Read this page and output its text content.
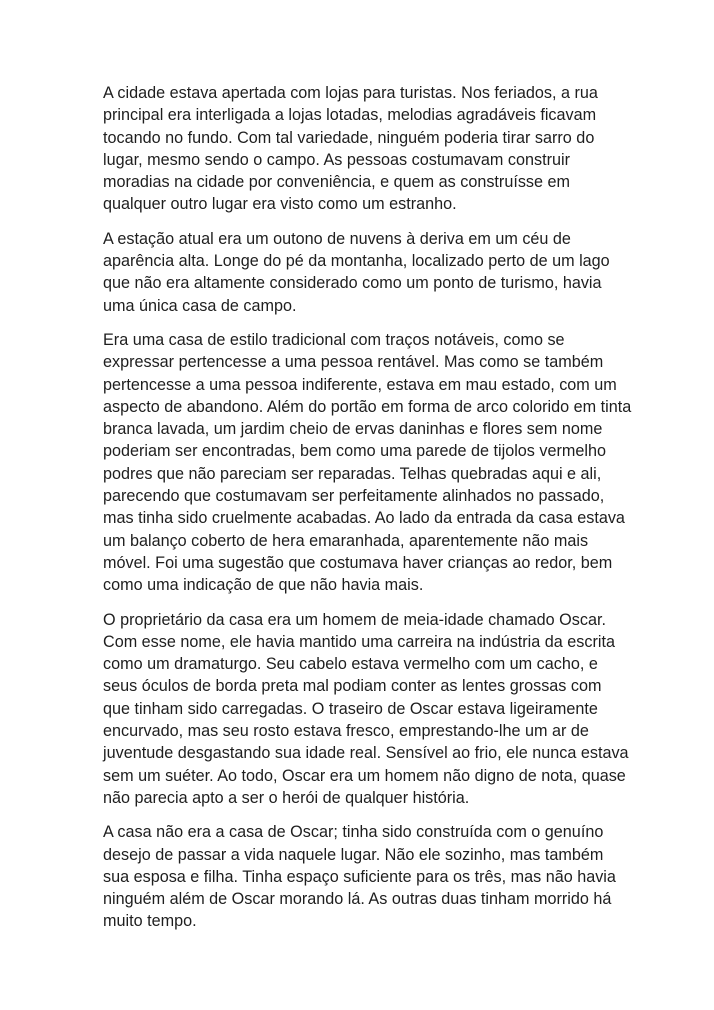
A cidade estava apertada com lojas para turistas. Nos feriados, a rua
principal era interligada a lojas lotadas, melodias agradáveis ficavam
tocando no fundo. Com tal variedade, ninguém poderia tirar sarro do
lugar, mesmo sendo o campo. As pessoas costumavam construir
moradias na cidade por conveniência, e quem as construísse em
qualquer outro lugar era visto como um estranho.

A estação atual era um outono de nuvens à deriva em um céu de
aparência alta. Longe do pé da montanha, localizado perto de um lago
que não era altamente considerado como um ponto de turismo, havia
uma única casa de campo.

Era uma casa de estilo tradicional com traços notáveis, como se
expressar pertencesse a uma pessoa rentável. Mas como se também
pertencesse a uma pessoa indiferente, estava em mau estado, com um
aspecto de abandono. Além do portão em forma de arco colorido em tinta
branca lavada, um jardim cheio de ervas daninhas e flores sem nome
poderiam ser encontradas, bem como uma parede de tijolos vermelho
podres que não pareciam ser reparadas. Telhas quebradas aqui e ali,
parecendo que costumavam ser perfeitamente alinhados no passado,
mas tinha sido cruelmente acabadas. Ao lado da entrada da casa estava
um balanço coberto de hera emaranhada, aparentemente não mais
móvel. Foi uma sugestão que costumava haver crianças ao redor, bem
como uma indicação de que não havia mais.

O proprietário da casa era um homem de meia-idade chamado Oscar.
Com esse nome, ele havia mantido uma carreira na indústria da escrita
como um dramaturgo. Seu cabelo estava vermelho com um cacho, e
seus óculos de borda preta mal podiam conter as lentes grossas com
que tinham sido carregadas. O traseiro de Oscar estava ligeiramente
encurvado, mas seu rosto estava fresco, emprestando-lhe um ar de
juventude desgastando sua idade real. Sensível ao frio, ele nunca estava
sem um suéter. Ao todo, Oscar era um homem não digno de nota, quase
não parecia apto a ser o herói de qualquer história.

A casa não era a casa de Oscar; tinha sido construída com o genuíno
desejo de passar a vida naquele lugar. Não ele sozinho, mas também
sua esposa e filha. Tinha espaço suficiente para os três, mas não havia
ninguém além de Oscar morando lá. As outras duas tinham morrido há
muito tempo.
